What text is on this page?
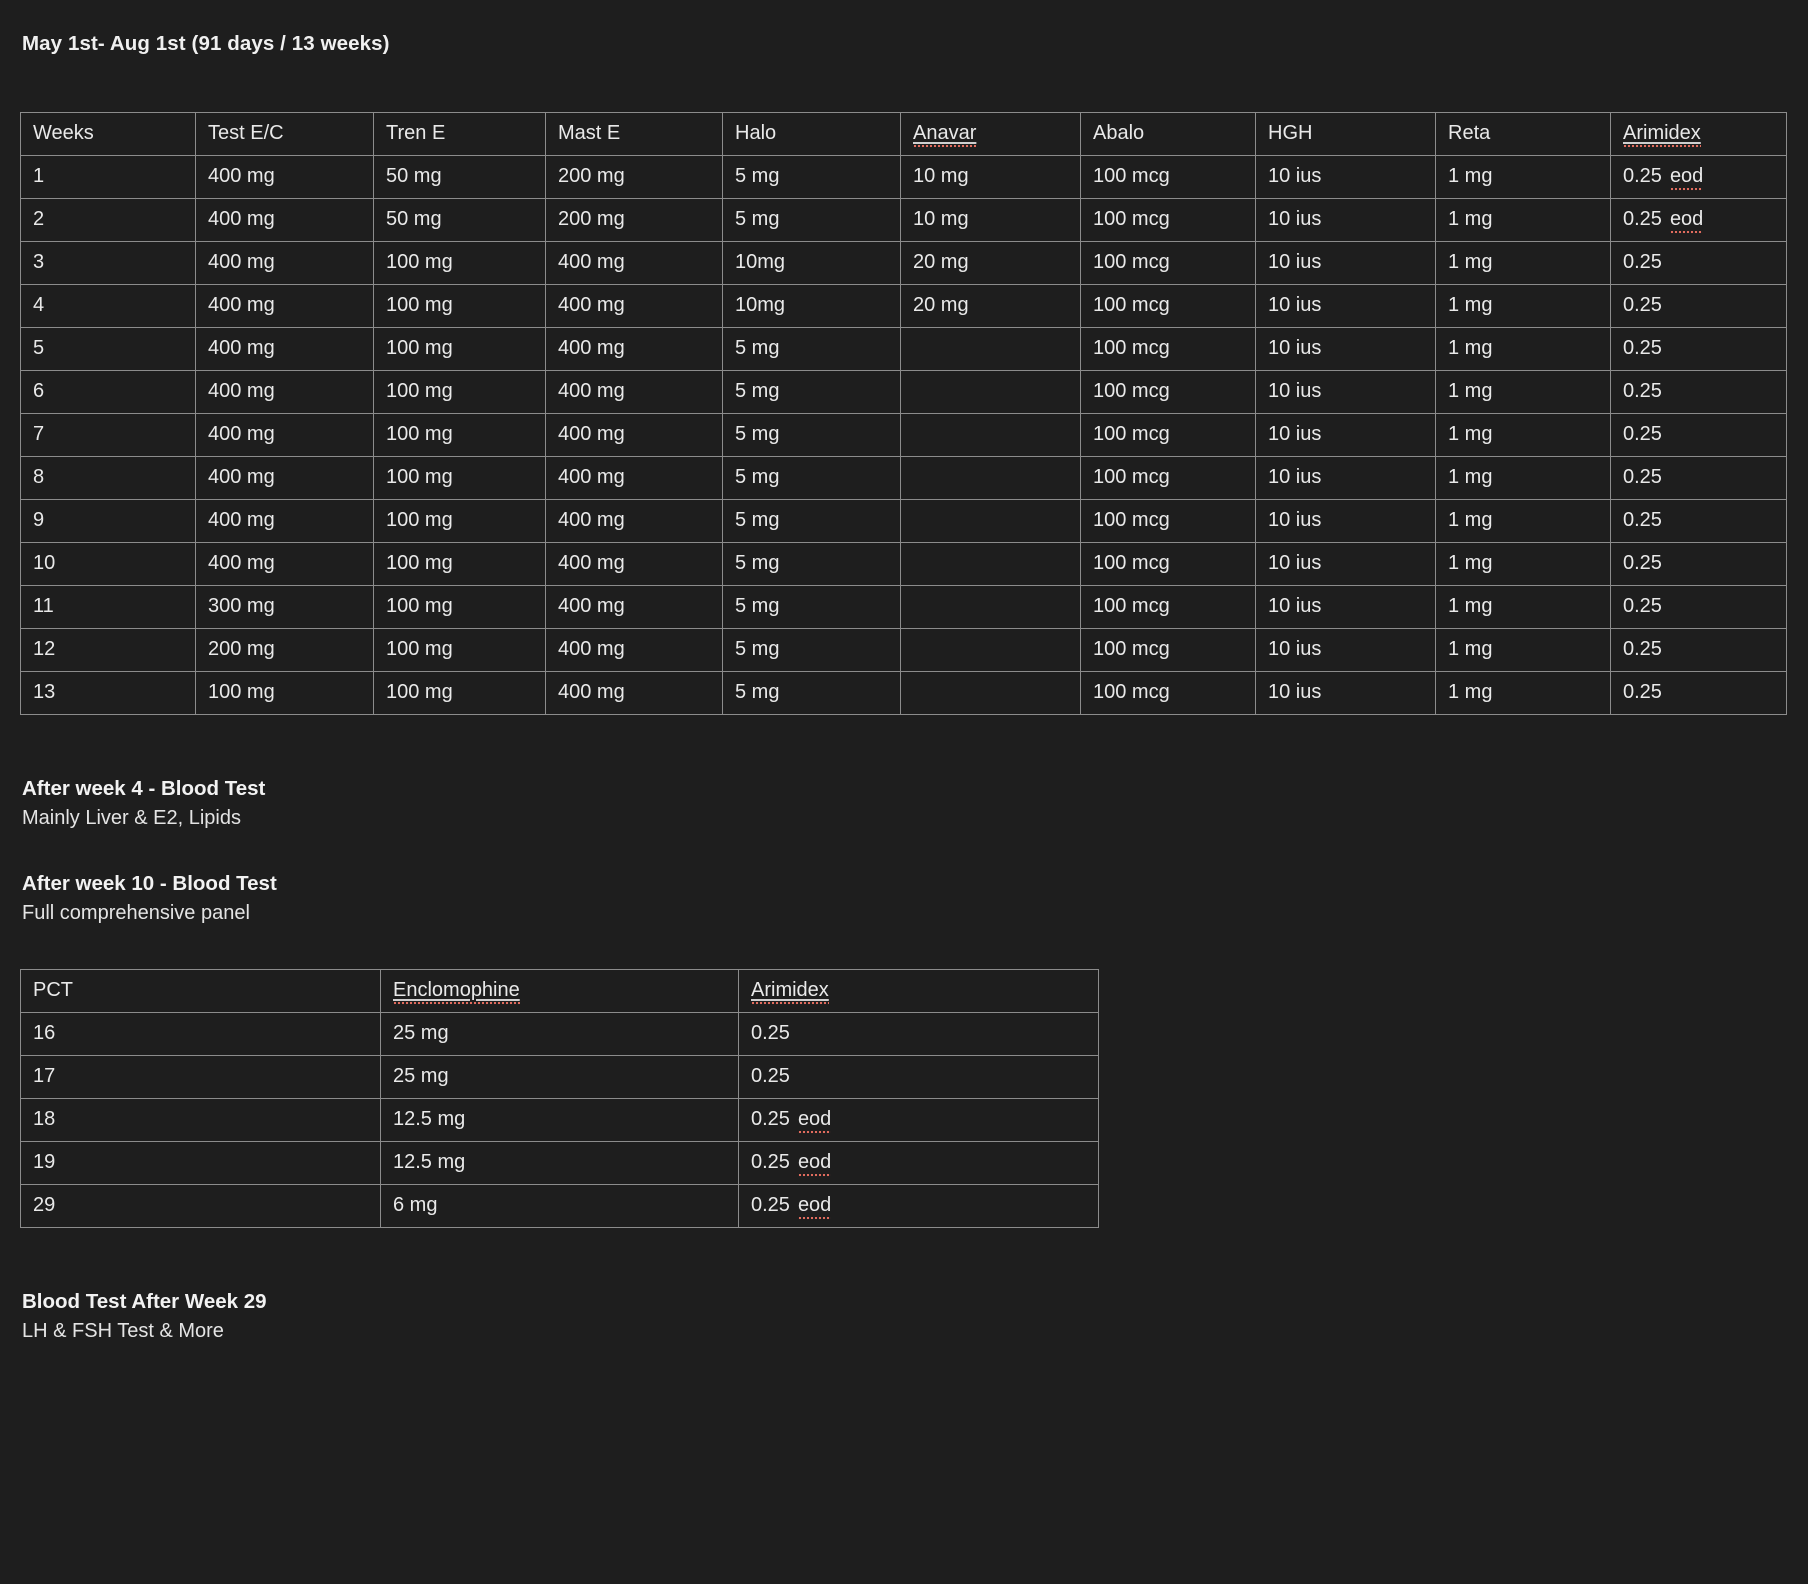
May 1st- Aug 1st (91 days / 13 weeks)
Weeks	Test E/C	Tren E	Mast E	Halo	Anavar	Abalo	HGH	Reta	Arimidex
1	400 mg	50 mg	200 mg	5 mg	10 mg	100 mcg	10 ius	1 mg	0.25 eod
2	400 mg	50 mg	200 mg	5 mg	10 mg	100 mcg	10 ius	1 mg	0.25 eod
3	400 mg	100 mg	400 mg	10mg	20 mg	100 mcg	10 ius	1 mg	0.25
4	400 mg	100 mg	400 mg	10mg	20 mg	100 mcg	10 ius	1 mg	0.25
5	400 mg	100 mg	400 mg	5 mg		100 mcg	10 ius	1 mg	0.25
6	400 mg	100 mg	400 mg	5 mg		100 mcg	10 ius	1 mg	0.25
7	400 mg	100 mg	400 mg	5 mg		100 mcg	10 ius	1 mg	0.25
8	400 mg	100 mg	400 mg	5 mg		100 mcg	10 ius	1 mg	0.25
9	400 mg	100 mg	400 mg	5 mg		100 mcg	10 ius	1 mg	0.25
10	400 mg	100 mg	400 mg	5 mg		100 mcg	10 ius	1 mg	0.25
11	300 mg	100 mg	400 mg	5 mg		100 mcg	10 ius	1 mg	0.25
12	200 mg	100 mg	400 mg	5 mg		100 mcg	10 ius	1 mg	0.25
13	100 mg	100 mg	400 mg	5 mg		100 mcg	10 ius	1 mg	0.25
After week 4 - Blood Test
Mainly Liver & E2, Lipids
After week 10 - Blood Test
Full comprehensive panel
PCT	Enclomophine	Arimidex
16	25 mg	0.25
17	25 mg	0.25
18	12.5 mg	0.25 eod
19	12.5 mg	0.25 eod
29	6 mg	0.25 eod
Blood Test After Week 29
LH & FSH Test & More
